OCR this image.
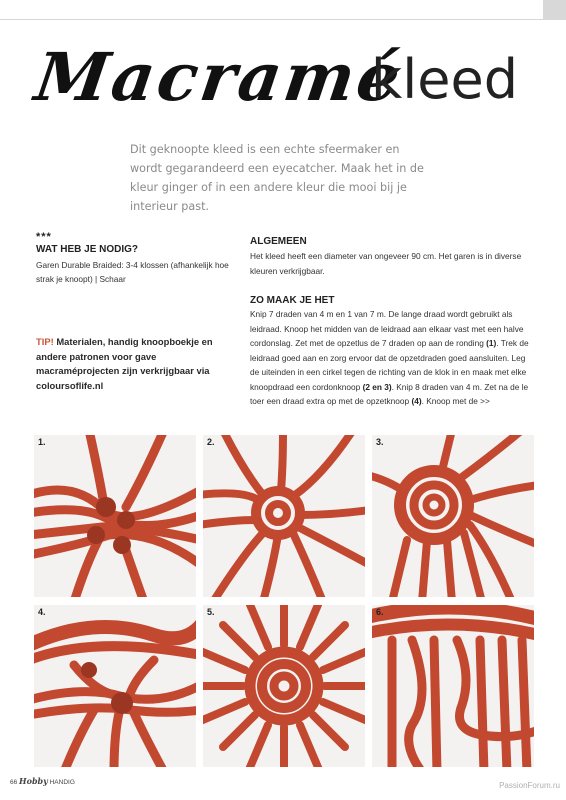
Macramé
kleed

Dit geknoopte kleed is een echte sfeermaker en wordt gegarandeerd een eyecatcher. Maak het in de kleur ginger of in een andere kleur die mooi bij je interieur past.

***
WAT HEB JE NODIG?

Garen Durable Braided: 3-4 klossen (afhankelijk hoe strak je knoopt) | Schaar

TIP! Materialen, handig knoopboekje en andere patronen voor gave macraméprojecten zijn verkrijgbaar via coloursoflife.nl

ALGEMEEN

Het kleed heeft een diameter van ongeveer 90 cm. Het garen is in diverse kleuren verkrijgbaar.

ZO MAAK JE HET

Knip 7 draden van 4 m en 1 van 7 m. De lange draad wordt gebruikt als leidraad. Knoop het midden van de leidraad aan elkaar vast met een halve cordonslag. Zet met de opzetlus de 7 draden op aan de ronding (1). Trek de leidraad goed aan en zorg ervoor dat de opzetdraden goed aansluiten. Leg de uiteinden in een cirkel tegen de richting van de klok in en maak met elke knoopdraad een cordonknoop (2 en 3). Knip 8 draden van 4 m. Zet na de le toer een draad extra op met de opzetknoop (4). Knoop met de >>

1.	2.	3.
4.	5.	6.
66 Hobby HANDIG	PassionForum.ru
